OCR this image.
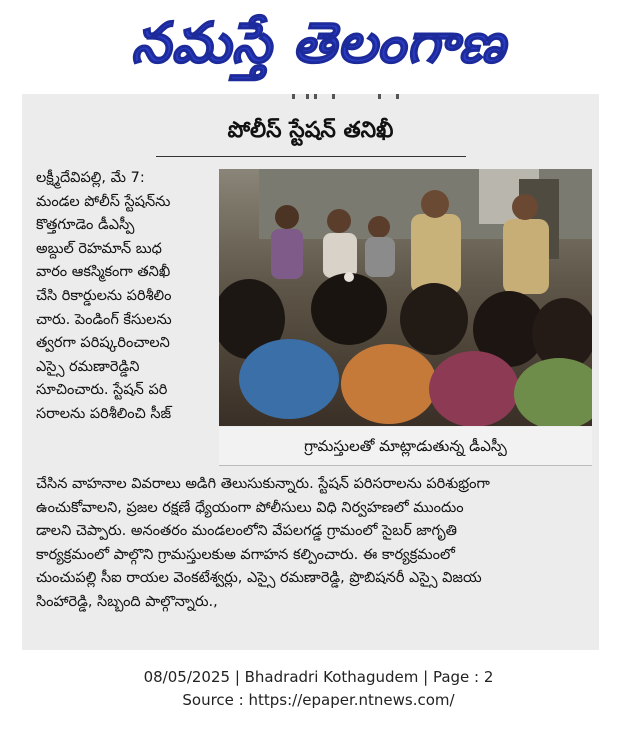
నమస్తే తెలంగాణ
పోలీస్ స్టేషన్ తనిఖీ
లక్ష్మీదేవిపల్లి, మే 7:
మండల పోలీస్ స్టేషన్‌ను
కొత్తగూడెం డీఎస్పీ
అబ్దుల్ రెహమాన్ బుధ
వారం ఆకస్మికంగా తనిఖీ
చేసి రికార్డులను పరిశీలిం
చారు. పెండింగ్ కేసులను
త్వరగా పరిష్కరించాలని
ఎస్సై రమణారెడ్డిని
సూచించారు. స్టేషన్ పరి
సరాలను పరిశీలించి సీజ్
గ్రామస్తులతో మాట్లాడుతున్న డీఎస్పీ
చేసిన వాహనాల వివరాలు అడిగి తెలుసుకున్నారు. స్టేషన్ పరిసరాలను పరిశుభ్రంగా
ఉంచుకోవాలని, ప్రజల రక్షణే ధ్యేయంగా పోలీసులు విధి నిర్వహణలో ముందుం
డాలని చెప్పారు. అనంతరం మండలంలోని వేపలగడ్డ గ్రామంలో సైబర్ జాగృతి
కార్యక్రమంలో పాల్గొని గ్రామస్తులకుఅ వగాహన కల్పించారు. ఈ కార్యక్రమంలో
చుంచుపల్లి సీఐ రాయల వెంకటేశ్వర్లు, ఎస్సై రమణారెడ్డి, ప్రొబిషనరీ ఎస్సై విజయ
సింహారెడ్డి, సిబ్బంది పాల్గొన్నారు.,
08/05/2025 | Bhadradri Kothagudem | Page : 2
Source : https://epaper.ntnews.com/
